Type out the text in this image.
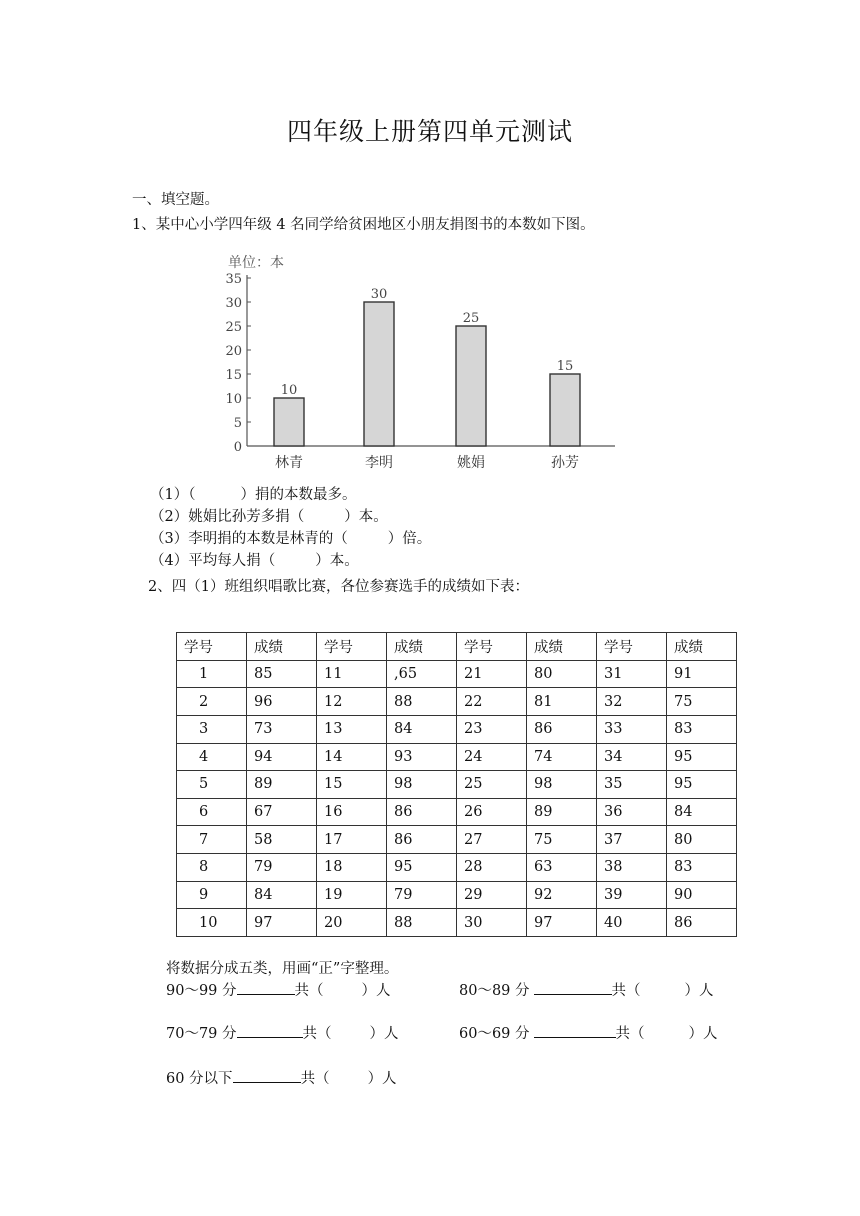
四年级上册第四单元测试
一、填空题。
1、某中心小学四年级 4 名同学给贫困地区小朋友捐图书的本数如下图。
单位：本
0
5
10
15
20
25
30
35
10
林青
30
李明
25
姚娟
15
孙芳
（1）（	）捐的本数最多。
（2）姚娟比孙芳多捐（	）本。
（3）李明捐的本数是林青的（	）倍。
（4）平均每人捐（	）本。
2、四（1）班组织唱歌比赛，各位参赛选手的成绩如下表：
学号	成绩	学号	成绩	学号	成绩	学号	成绩
1	85	11	,65	21	80	31	91
2	96	12	88	22	81	32	75
3	73	13	84	23	86	33	83
4	94	14	93	24	74	34	95
5	89	15	98	25	98	35	95
6	67	16	86	26	89	36	84
7	58	17	86	27	75	37	80
8	79	18	95	28	63	38	83
9	84	19	79	29	92	39	90
10	97	20	88	30	97	40	86
将数据分成五类，用画“正”字整理。
90～99 分	共（	）人	80～89 分	共（	）人
70～79 分	共（	）人	60～69 分	共（	）人
60 分以下	共（	）人
